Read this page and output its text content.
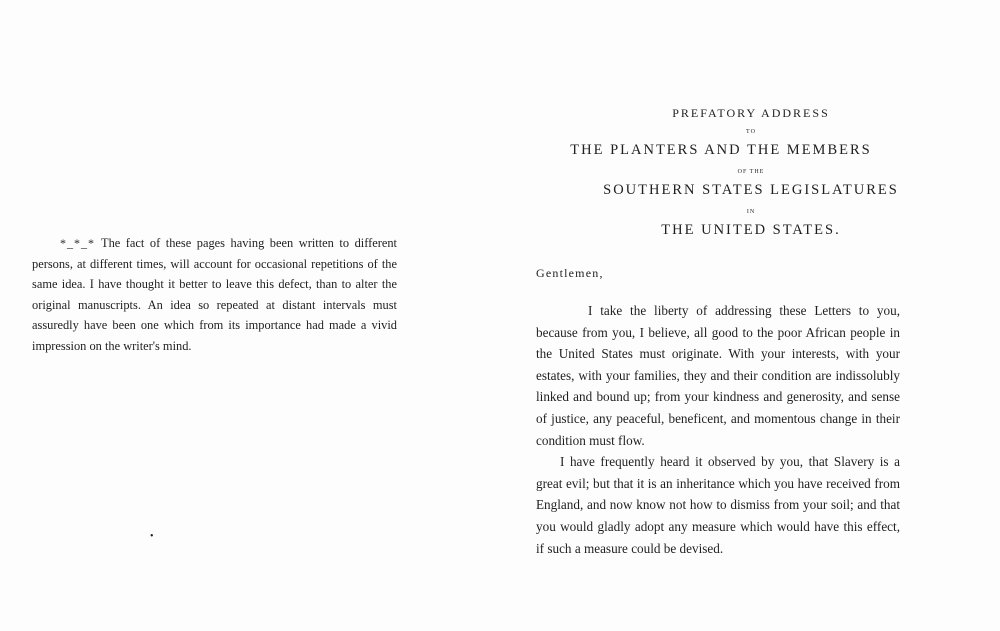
*_*_* The fact of these pages having been written to different persons, at different times, will account for occasional repetitions of the same idea. I have thought it better to leave this defect, than to alter the original manuscripts. An idea so repeated at distant intervals must assuredly have been one which from its importance had made a vivid impression on the writer's mind.

•
PREFATORY ADDRESS
TO
THE PLANTERS AND THE MEMBERS
OF THE
SOUTHERN STATES LEGISLATURES
IN
THE UNITED STATES.

Gentlemen,

I take the liberty of addressing these Letters to you, because from you, I believe, all good to the poor African people in the United States must originate. With your interests, with your estates, with your families, they and their condition are indissolubly linked and bound up; from your kindness and generosity, and sense of justice, any peaceful, beneficent, and momentous change in their condition must flow.

I have frequently heard it observed by you, that Slavery is a great evil; but that it is an inheritance which you have received from England, and now know not how to dismiss from your soil; and that you would gladly adopt any measure which would have this effect, if such a measure could be devised.
